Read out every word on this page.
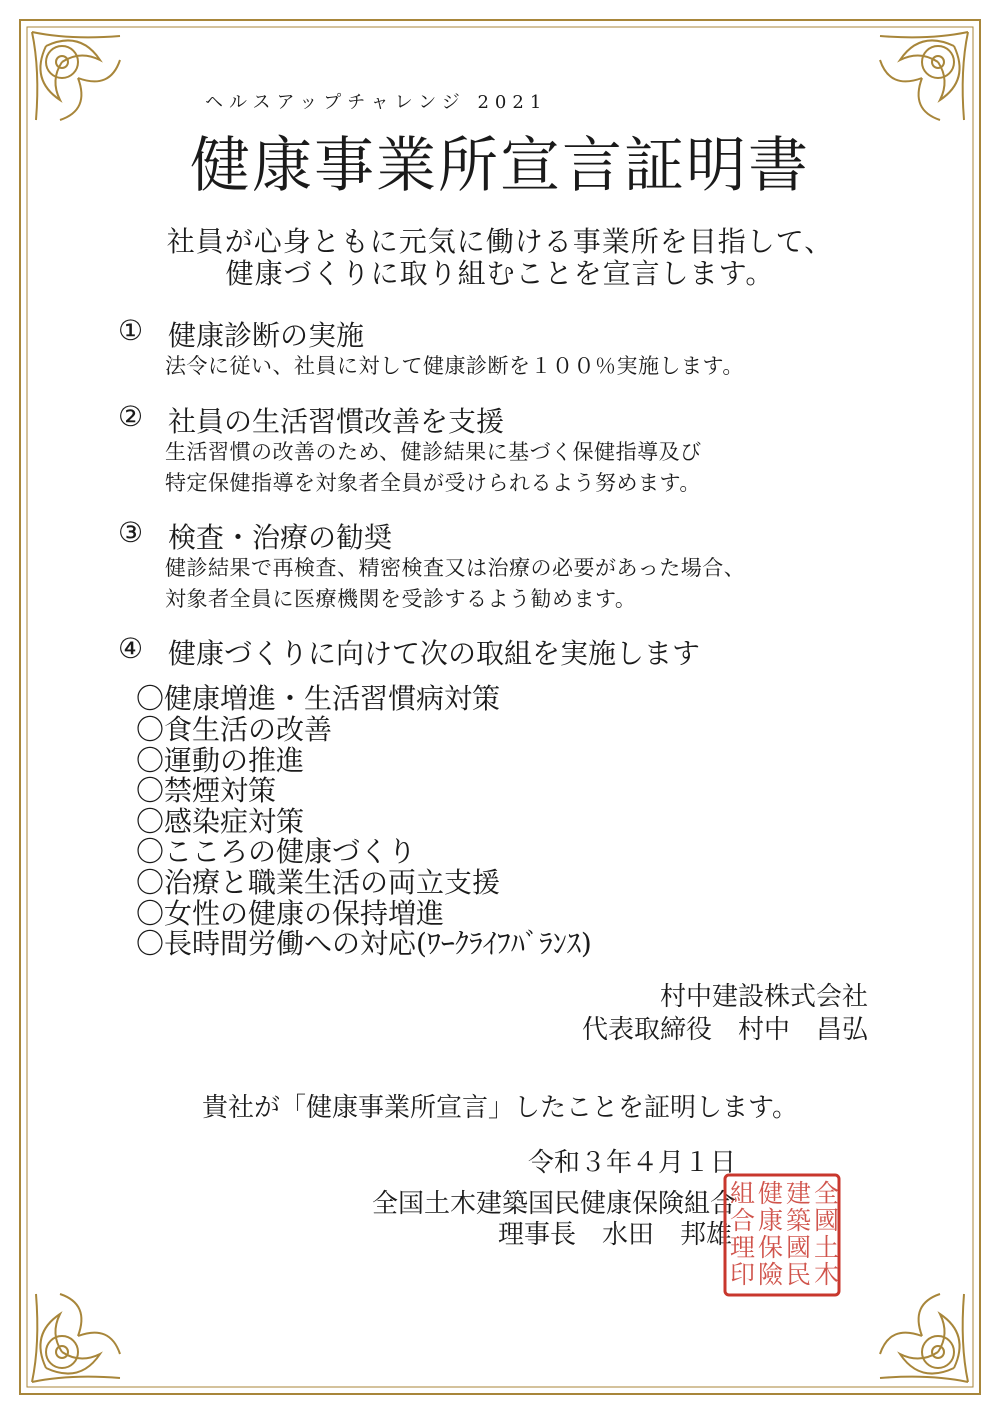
ヘルスアップチャレンジ 2021
健康事業所宣言証明書
社員が心身ともに元気に働ける事業所を目指して、
健康づくりに取り組むことを宣言します。
① 健康診断の実施
法令に従い、社員に対して健康診断を１００％実施します。
② 社員の生活習慣改善を支援
生活習慣の改善のため、健診結果に基づく保健指導及び
特定保健指導を対象者全員が受けられるよう努めます。
③ 検査・治療の勧奨
健診結果で再検査、精密検査又は治療の必要があった場合、
対象者全員に医療機関を受診するよう勧めます。
④ 健康づくりに向けて次の取組を実施します
〇健康増進・生活習慣病対策
〇食生活の改善
〇運動の推進
〇禁煙対策
〇感染症対策
〇こころの健康づくり
〇治療と職業生活の両立支援
〇女性の健康の保持増進
〇長時間労働への対応(ﾜｰｸﾗｲﾌﾊﾞﾗﾝｽ)
村中建設株式会社
代表取締役　村中　昌弘
貴社が「健康事業所宣言」したことを証明します。
令和３年４月１日
全国土木建築国民健康保険組合
理事長　水田　邦雄
全
國
土
木
建
築
國
民
健
康
保
險
組
合
理
印
